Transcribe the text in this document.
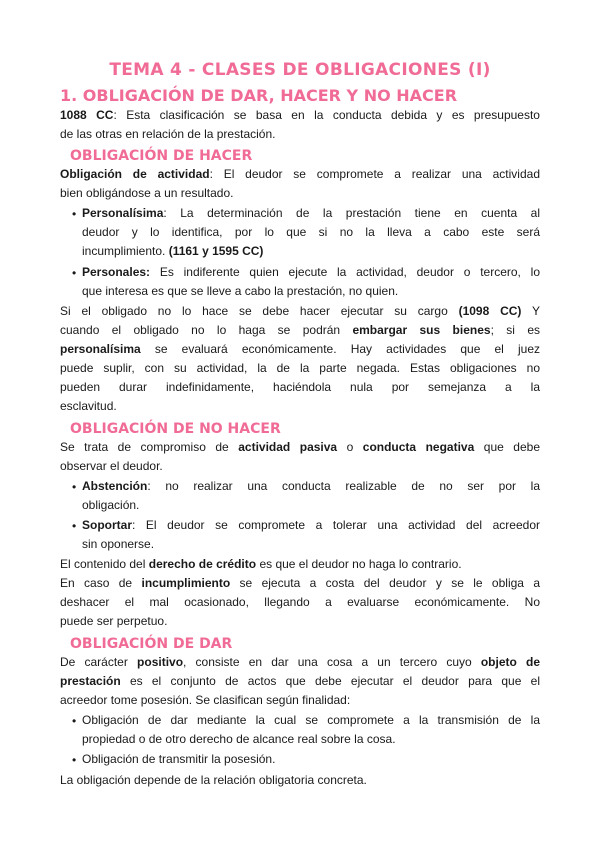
TEMA 4 - CLASES DE OBLIGACIONES (I)
1. OBLIGACIÓN DE DAR, HACER Y NO HACER
1088 CC: Esta clasificación se basa en la conducta debida y es presupuesto
de las otras en relación de la prestación.
OBLIGACIÓN DE HACER
Obligación de actividad: El deudor se compromete a realizar una actividad
bien obligándose a un resultado.
• Personalísima: La determinación de la prestación tiene en cuenta al
deudor y lo identifica, por lo que si no la lleva a cabo este será
incumplimiento. (1161 y 1595 CC)
• Personales: Es indiferente quien ejecute la actividad, deudor o tercero, lo
que interesa es que se lleve a cabo la prestación, no quien.
Si el obligado no lo hace se debe hacer ejecutar su cargo (1098 CC) Y
cuando el obligado no lo haga se podrán embargar sus bienes; si es
personalísima se evaluará económicamente. Hay actividades que el juez
puede suplir, con su actividad, la de la parte negada. Estas obligaciones no
pueden durar indefinidamente, haciéndola nula por semejanza a la
esclavitud.
OBLIGACIÓN DE NO HACER
Se trata de compromiso de actividad pasiva o conducta negativa que debe
observar el deudor.
• Abstención: no realizar una conducta realizable de no ser por la
obligación.
• Soportar: El deudor se compromete a tolerar una actividad del acreedor
sin oponerse.
El contenido del derecho de crédito es que el deudor no haga lo contrario.
En caso de incumplimiento se ejecuta a costa del deudor y se le obliga a
deshacer el mal ocasionado, llegando a evaluarse económicamente. No
puede ser perpetuo.
OBLIGACIÓN DE DAR
De carácter positivo, consiste en dar una cosa a un tercero cuyo objeto de
prestación es el conjunto de actos que debe ejecutar el deudor para que el
acreedor tome posesión. Se clasifican según finalidad:
• Obligación de dar mediante la cual se compromete a la transmisión de la
propiedad o de otro derecho de alcance real sobre la cosa.
• Obligación de transmitir la posesión.
La obligación depende de la relación obligatoria concreta.
